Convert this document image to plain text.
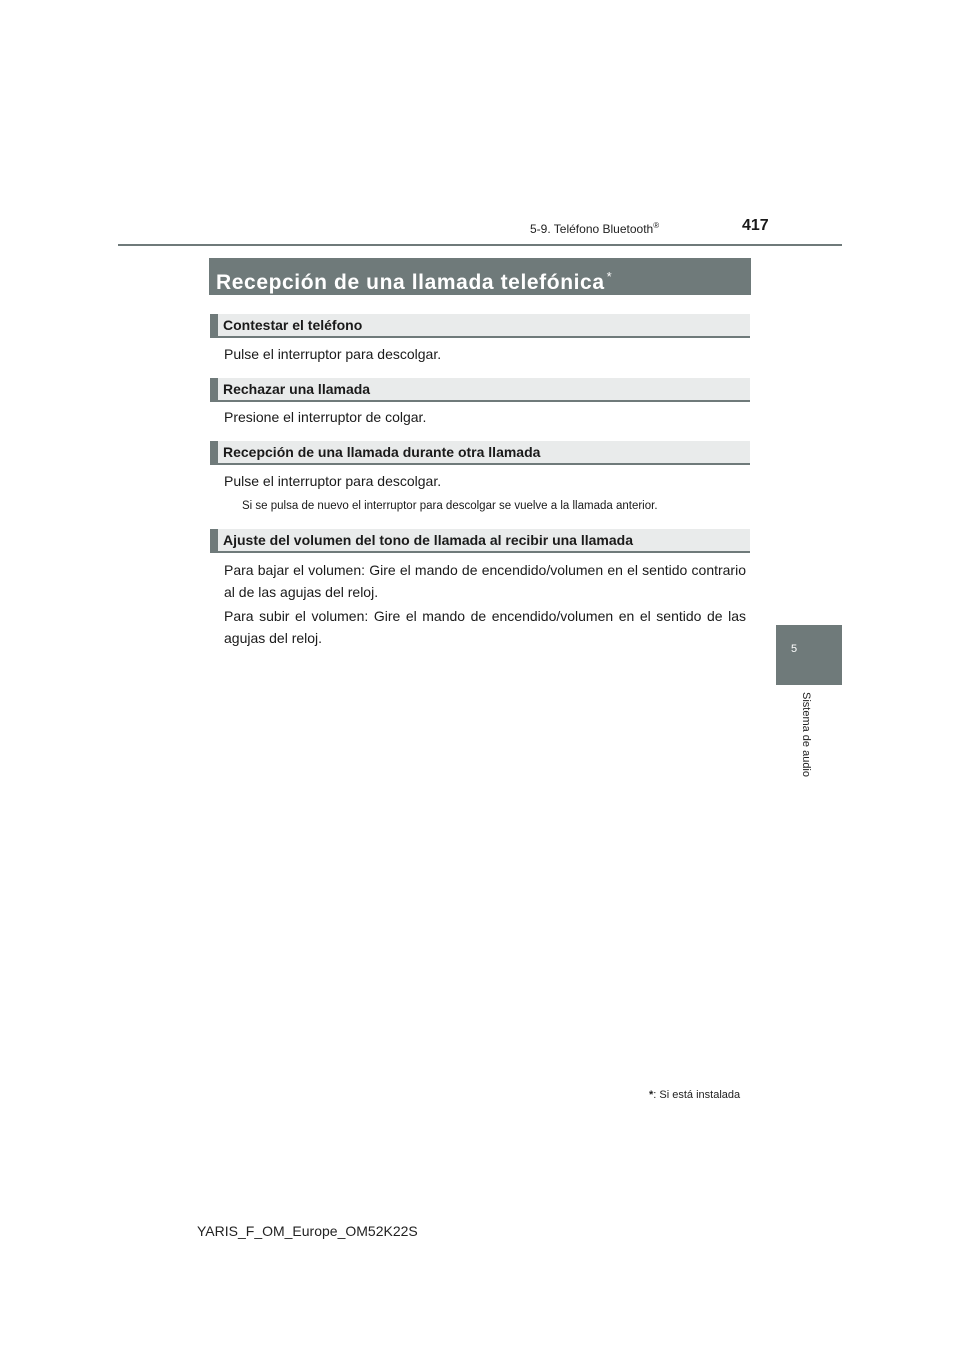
5-9. Teléfono Bluetooth®	417
5
Sistema de audio
Recepción de una llamada telefónica *
Contestar el teléfono
Pulse el interruptor para descolgar.
Rechazar una llamada
Presione el interruptor de colgar.
Recepción de una llamada durante otra llamada
Pulse el interruptor para descolgar.
Si se pulsa de nuevo el interruptor para descolgar se vuelve a la llamada anterior.
Ajuste del volumen del tono de llamada al recibir una llamada
Para bajar el volumen: Gire el mando de encendido/volumen en el sentido contrario al de las agujas del reloj.
Para subir el volumen: Gire el mando de encendido/volumen en el sentido de las agujas del reloj.
*: Si está instalada
YARIS_F_OM_Europe_OM52K22S
